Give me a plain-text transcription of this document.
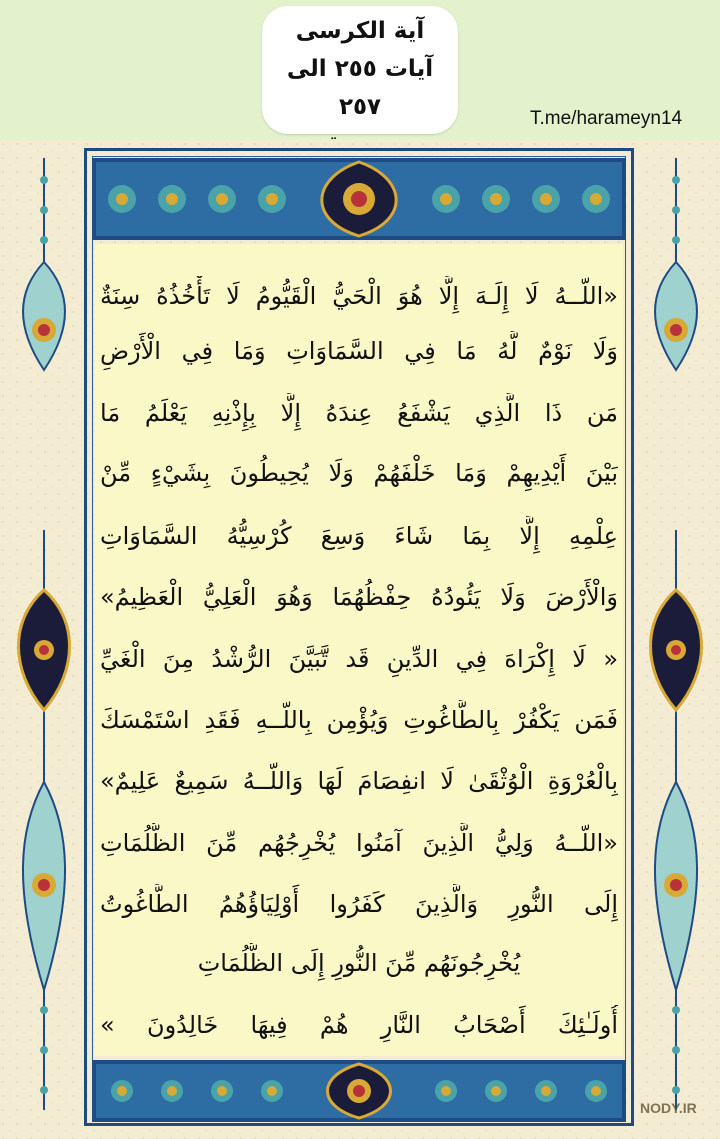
آية الكرسى
آيات ٢٥٥ الى ٢٥٧	T.me/harameyn14
«اللّــهُ لَا إِلَـهَ إِلَّا هُوَ الْحَيُّ الْقَيُّومُ لَا تَأْخُذُهُ سِنَةٌ
وَلَا نَوْمٌ لَّهُ مَا فِي السَّمَاوَاتِ وَمَا فِي الْأَرْضِ
مَن ذَا الَّذِي يَشْفَعُ عِندَهُ إِلَّا بِإِذْنِهِ يَعْلَمُ مَا
بَيْنَ أَيْدِيهِمْ وَمَا خَلْفَهُمْ وَلَا يُحِيطُونَ بِشَيْءٍ مِّنْ
عِلْمِهِ إِلَّا بِمَا شَاءَ وَسِعَ كُرْسِيُّهُ السَّمَاوَاتِ
وَالْأَرْضَ وَلَا يَئُودُهُ حِفْظُهُمَا وَهُوَ الْعَلِيُّ الْعَظِيمُ»
« لَا إِكْرَاهَ فِي الدِّينِ قَد تَّبَيَّنَ الرُّشْدُ مِنَ الْغَيِّ
فَمَن يَكْفُرْ بِالطَّاغُوتِ وَيُؤْمِن بِاللّــهِ فَقَدِ اسْتَمْسَكَ
بِالْعُرْوَةِ الْوُثْقَىٰ لَا انفِصَامَ لَهَا وَاللّــهُ سَمِيعٌ عَلِيمٌ»
«اللّــهُ وَلِيُّ الَّذِينَ آمَنُوا يُخْرِجُهُم مِّنَ الظُّلُمَاتِ
إِلَى النُّورِ وَالَّذِينَ كَفَرُوا أَوْلِيَاؤُهُمُ الطَّاغُوتُ
يُخْرِجُونَهُم مِّنَ النُّورِ إِلَى الظُّلُمَاتِ
أُولَـٰئِكَ أَصْحَابُ النَّارِ هُمْ فِيهَا خَالِدُونَ »
NODY.IR
